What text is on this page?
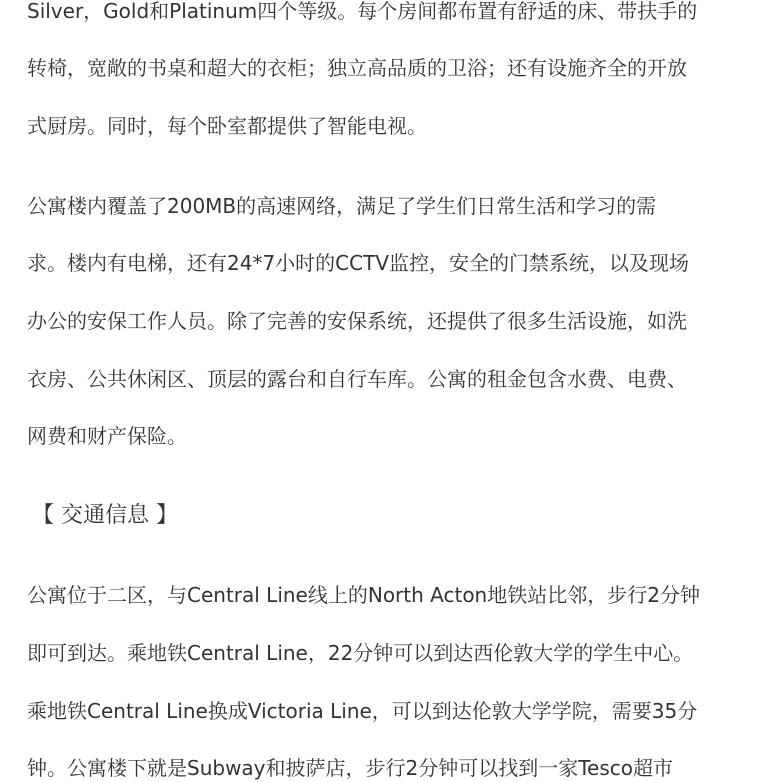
Silver，Gold和Platinum四个等级。每个房间都布置有舒适的床、带扶手的
转椅，宽敞的书桌和超大的衣柜；独立高品质的卫浴；还有设施齐全的开放
式厨房。同时，每个卧室都提供了智能电视。
公寓楼内覆盖了200MB的高速网络，满足了学生们日常生活和学习的需
求。楼内有电梯，还有24*7小时的CCTV监控，安全的门禁系统，以及现场
办公的安保工作人员。除了完善的安保系统，还提供了很多生活设施，如洗
衣房、公共休闲区、顶层的露台和自行车库。公寓的租金包含水费、电费、
网费和财产保险。
【 交通信息 】
公寓位于二区，与Central Line线上的North Acton地铁站比邻，步行2分钟
即可到达。乘地铁Central Line，22分钟可以到达西伦敦大学的学生中心。
乘地铁Central Line换成Victoria Line，可以到达伦敦大学学院，需要35分
钟。公寓楼下就是Subway和披萨店，步行2分钟可以找到一家Tesco超市
